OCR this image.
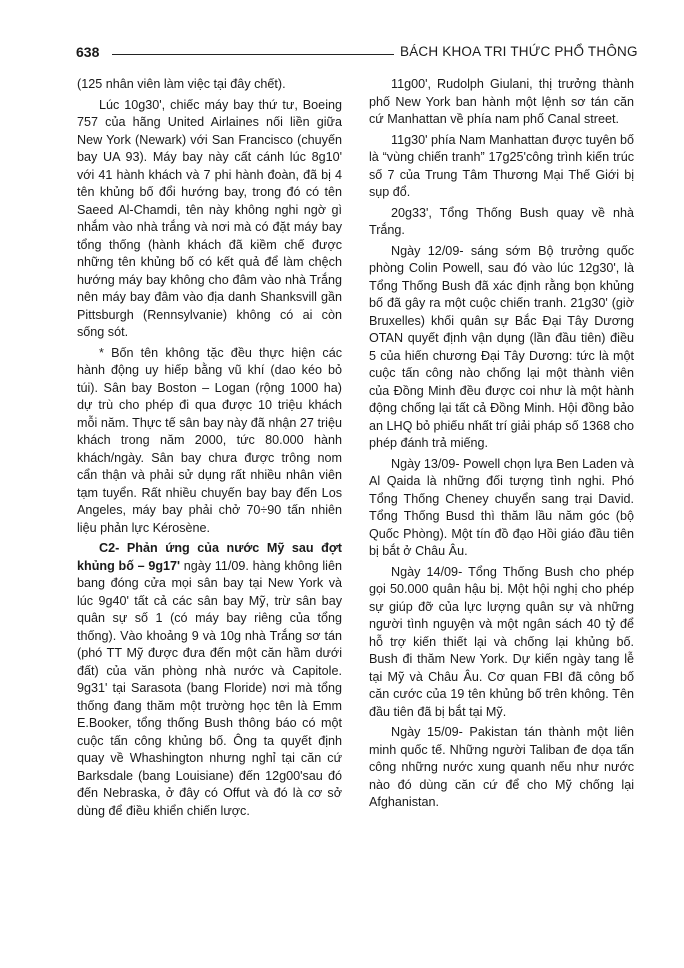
638	BÁCH KHOA TRI THỨC PHỔ THÔNG

(125 nhân viên làm việc tại đây chết).

Lúc 10g30', chiếc máy bay thứ tư, Boeing 757 của hãng United Airlaines nối liền giữa New York (Newark) với San Francisco (chuyến bay UA 93). Máy bay này cất cánh lúc 8g10' với 41 hành khách và 7 phi hành đoàn, đã bị 4 tên khủng bố đổi hướng bay, trong đó có tên Saeed Al-Chamdi, tên này không nghi ngờ gì nhắm vào nhà trắng và nơi mà có đặt máy bay tổng thống (hành khách đã kiềm chế được những tên khủng bố có kết quả để làm chệch hướng máy bay không cho đâm vào nhà Trắng nên máy bay đâm vào địa danh Shanksvill gần Pittsburgh (Rennsylvanie) không có ai còn sống sót.

* Bốn tên không tặc đều thực hiện các hành động uy hiếp bằng vũ khí (dao kéo bỏ túi). Sân bay Boston – Logan (rộng 1000 ha) dự trù cho phép đi qua được 10 triệu khách mỗi năm. Thực tế sân bay này đã nhận 27 triệu khách trong năm 2000, tức 80.000 hành khách/ngày. Sân bay chưa được trông nom cẩn thận và phải sử dụng rất nhiều nhân viên tạm tuyển. Rất nhiều chuyến bay bay đến Los Angeles, máy bay phải chở 70÷90 tấn nhiên liệu phản lực Kérosène.

C2- Phản ứng của nước Mỹ sau đợt khủng bố – 9g17' ngày 11/09. hàng không liên bang đóng cửa mọi sân bay tại New York và lúc 9g40' tất cả các sân bay Mỹ, trừ sân bay quân sự số 1 (có máy bay riêng của tổng thống). Vào khoảng 9 và 10g nhà Trắng sơ tán (phó TT Mỹ được đưa đến một căn hầm dưới đất) của văn phòng nhà nước và Capitole. 9g31' tại Sarasota (bang Floride) nơi mà tổng thống đang thăm một trường học tên là Emm E.Booker, tổng thống Bush thông báo có một cuộc tấn công khủng bố. Ông ta quyết định quay về Whashington nhưng nghỉ tại căn cứ Barksdale (bang Louisiane) đến 12g00'sau đó đến Nebraska, ở đây có Offut và đó là cơ sở dùng để điều khiển chiến lược.

11g00', Rudolph Giulani, thị trưởng thành phố New York ban hành một lệnh sơ tán căn cứ Manhattan về phía nam phố Canal street.

11g30' phía Nam Manhattan được tuyên bố là “vùng chiến tranh” 17g25'công trình kiến trúc số 7 của Trung Tâm Thương Mại Thế Giới bị sụp đổ.

20g33', Tổng Thống Bush quay về nhà Trắng.

Ngày 12/09- sáng sớm Bộ trưởng quốc phòng Colin Powell, sau đó vào lúc 12g30', là Tổng Thống Bush đã xác định rằng bọn khủng bố đã gây ra một cuộc chiến tranh. 21g30' (giờ Bruxelles) khối quân sự Bắc Đại Tây Dương OTAN quyết định vận dụng (lần đầu tiên) điều 5 của hiến chương Đại Tây Dương: tức là một cuộc tấn công nào chống lại một thành viên của Đồng Minh đều được coi như là một hành động chống lại tất cả Đồng Minh. Hội đồng bảo an LHQ bỏ phiếu nhất trí giải pháp số 1368 cho phép đánh trả miếng.

Ngày 13/09- Powell chọn lựa Ben Laden và Al Qaida là những đối tượng tình nghi. Phó Tổng Thống Cheney chuyển sang trại David. Tổng Thống Busd thì thăm lầu năm góc (bộ Quốc Phòng). Một tín đồ đạo Hồi giáo đầu tiên bị bắt ở Châu Âu.

Ngày 14/09- Tổng Thống Bush cho phép gọi 50.000 quân hậu bị. Một hội nghị cho phép sự giúp đỡ của lực lượng quân sự và những người tình nguyện và một ngân sách 40 tỷ để hỗ trợ kiến thiết lại và chống lại khủng bố. Bush đi thăm New York. Dự kiến ngày tang lễ tại Mỹ và Châu Âu. Cơ quan FBI đã công bố căn cước của 19 tên khủng bố trên không. Tên đầu tiên đã bị bắt tại Mỹ.

Ngày 15/09- Pakistan tán thành một liên minh quốc tế. Những người Taliban đe dọa tấn công những nước xung quanh nếu như nước nào đó dùng căn cứ để cho Mỹ chống lại Afghanistan.
